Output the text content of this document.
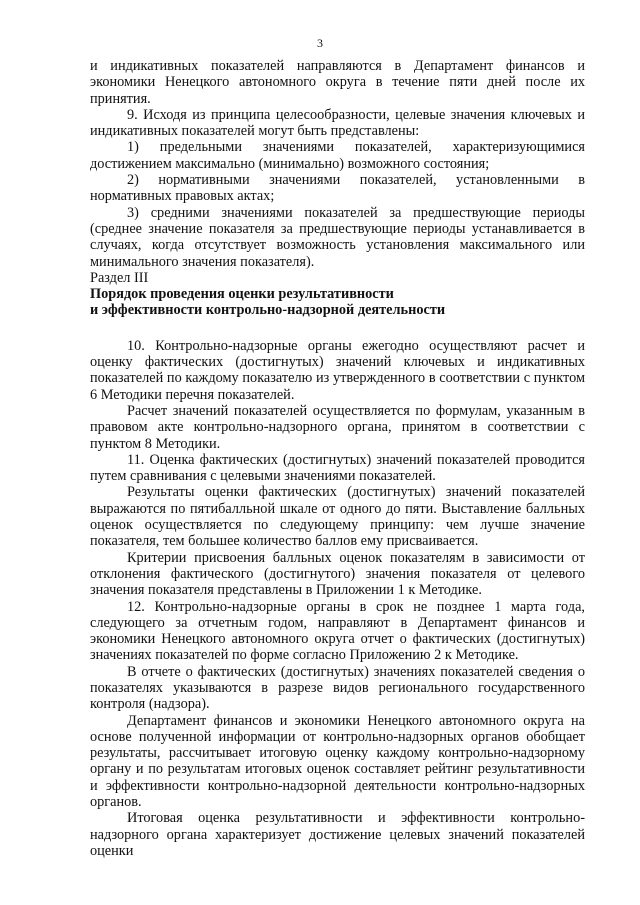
3

и индикативных показателей направляются в Департамент финансов и экономики Ненецкого автономного округа в течение пяти дней после их принятия.

9. Исходя из принципа целесообразности, целевые значения ключевых и индикативных показателей могут быть представлены:

1) предельными значениями показателей, характеризующимися достижением максимально (минимально) возможного состояния;

2) нормативными значениями показателей, установленными в нормативных правовых актах;

3) средними значениями показателей за предшествующие периоды (среднее значение показателя за предшествующие периоды устанавливается в случаях, когда отсутствует возможность установления максимального или минимального значения показателя).

Раздел III

Порядок проведения оценки результативности

и эффективности контрольно-надзорной деятельности

10. Контрольно-надзорные органы ежегодно осуществляют расчет и оценку фактических (достигнутых) значений ключевых и индикативных показателей по каждому показателю из утвержденного в соответствии с пунктом 6 Методики перечня показателей.

Расчет значений показателей осуществляется по формулам, указанным в правовом акте контрольно-надзорного органа, принятом в соответствии с пунктом 8 Методики.

11. Оценка фактических (достигнутых) значений показателей проводится путем сравнивания с целевыми значениями показателей.

Результаты оценки фактических (достигнутых) значений показателей выражаются по пятибалльной шкале от одного до пяти. Выставление балльных оценок осуществляется по следующему принципу: чем лучше значение показателя, тем большее количество баллов ему присваивается.

Критерии присвоения балльных оценок показателям в зависимости от отклонения фактического (достигнутого) значения показателя от целевого значения показателя представлены в Приложении 1 к Методике.

12. Контрольно-надзорные органы в срок не позднее 1 марта года, следующего за отчетным годом, направляют в Департамент финансов и экономики Ненецкого автономного округа отчет о фактических (достигнутых) значениях показателей по форме согласно Приложению 2 к Методике.

В отчете о фактических (достигнутых) значениях показателей сведения о показателях указываются в разрезе видов регионального государственного контроля (надзора).

Департамент финансов и экономики Ненецкого автономного округа на основе полученной информации от контрольно-надзорных органов обобщает результаты, рассчитывает итоговую оценку каждому контрольно-надзорному органу и по результатам итоговых оценок составляет рейтинг результативности и эффективности контрольно-надзорной деятельности контрольно-надзорных органов.

Итоговая оценка результативности и эффективности контрольно-надзорного органа характеризует достижение целевых значений показателей оценки
